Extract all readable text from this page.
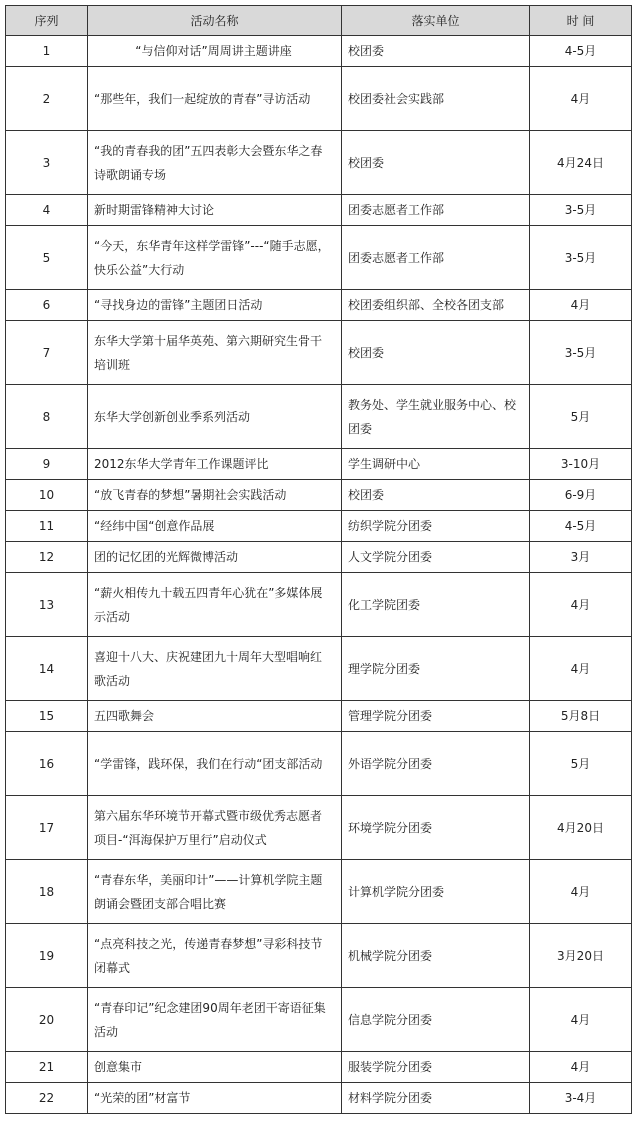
序列	活动名称	落实单位	时 间
1	“与信仰对话”周周讲主题讲座	校团委	4-5月
2	“那些年，我们一起绽放的青春”寻访活动	校团委社会实践部	4月
3	“我的青春我的团”五四表彰大会暨东华之春诗歌朗诵专场	校团委	4月24日
4	新时期雷锋精神大讨论	团委志愿者工作部	3-5月
5	“今天，东华青年这样学雷锋”---“随手志愿，快乐公益”大行动	团委志愿者工作部	3-5月
6	“寻找身边的雷锋”主题团日活动	校团委组织部、全校各团支部	4月
7	东华大学第十届华英苑、第六期研究生骨干培训班	校团委	3-5月
8	东华大学创新创业季系列活动	教务处、学生就业服务中心、校团委	5月
9	2012东华大学青年工作课题评比	学生调研中心	3-10月
10	“放飞青春的梦想”暑期社会实践活动	校团委	6-9月
11	“经纬中国“创意作品展	纺织学院分团委	4-5月
12	团的记忆团的光辉微博活动	人文学院分团委	3月
13	“薪火相传九十载五四青年心犹在”多媒体展示活动	化工学院团委	4月
14	喜迎十八大、庆祝建团九十周年大型唱响红歌活动	理学院分团委	4月
15	五四歌舞会	管理学院分团委	5月8日
16	“学雷锋，践环保，我们在行动“团支部活动	外语学院分团委	5月
17	第六届东华环境节开幕式暨市级优秀志愿者项目-“洱海保护万里行”启动仪式	环境学院分团委	4月20日
18	“青春东华，美丽印计”——计算机学院主题朗诵会暨团支部合唱比赛	计算机学院分团委	4月
19	“点亮科技之光，传递青春梦想”寻彩科技节闭幕式	机械学院分团委	3月20日
20	“青春印记”纪念建团90周年老团干寄语征集活动	信息学院分团委	4月
21	创意集市	服装学院分团委	4月
22	“光荣的团”材富节	材料学院分团委	3-4月
